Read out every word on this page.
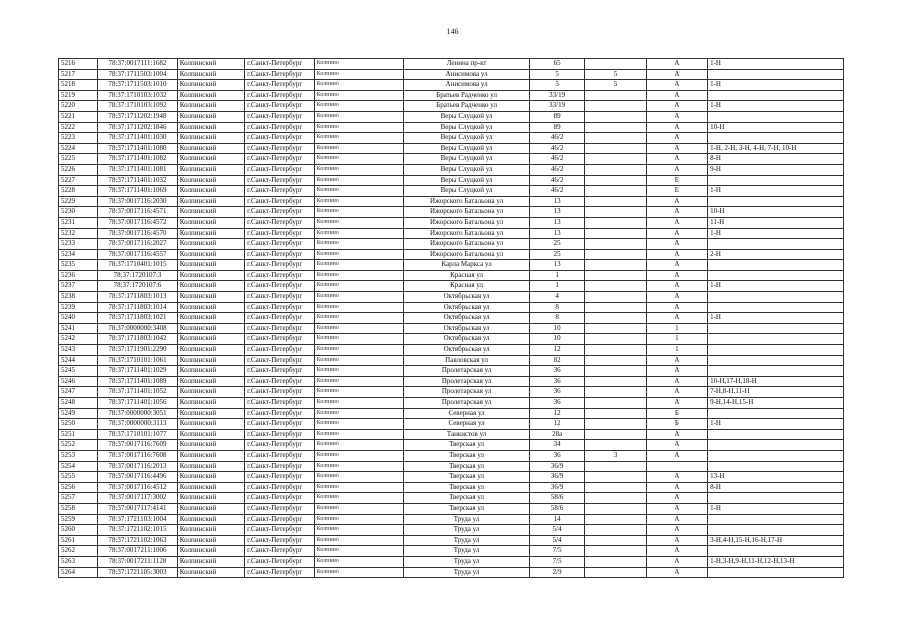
146
5216	78:37:0017111:1682	Колпинский	г.Санкт-Петербург	Колпино	Ленина пр-кт	65		А	1-Н
5217	78:37:1711503:1004	Колпинский	г.Санкт-Петербург	Колпино	Анисимова ул	5	5	А	
5218	78:37:1711503:1010	Колпинский	г.Санкт-Петербург	Колпино	Анисимова ул	5	5	А	1-Н
5219	78:37:1710103:1032	Колпинский	г.Санкт-Петербург	Колпино	Братьев Радченко ул	33/19		А	
5220	78:37:1710103:1092	Колпинский	г.Санкт-Петербург	Колпино	Братьев Радченко ул	33/19		А	1-Н
5221	78:37:1711202:1948	Колпинский	г.Санкт-Петербург	Колпино	Веры Слуцкой ул	89		А	
5222	78:37:1711202:1846	Колпинский	г.Санкт-Петербург	Колпино	Веры Слуцкой ул	89		А	10-Н
5223	78:37:1711401:1030	Колпинский	г.Санкт-Петербург	Колпино	Веры Слуцкой ул	46/2		А	
5224	78:37:1711401:1080	Колпинский	г.Санкт-Петербург	Колпино	Веры Слуцкой ул	46/2		А	1-Н, 2-Н, 3-Н, 4-Н, 7-Н, 10-Н
5225	78:37:1711401:1082	Колпинский	г.Санкт-Петербург	Колпино	Веры Слуцкой ул	46/2		А	8-Н
5226	78:37:1711401:1081	Колпинский	г.Санкт-Петербург	Колпино	Веры Слуцкой ул	46/2		А	9-Н
5227	78:37:1711401:1032	Колпинский	г.Санкт-Петербург	Колпино	Веры Слуцкой ул	46/2		Е	
5228	78:37:1711401:1069	Колпинский	г.Санкт-Петербург	Колпино	Веры Слуцкой ул	46/2		Е	1-Н
5229	78:37:0017116:2030	Колпинский	г.Санкт-Петербург	Колпино	Ижорского Батальона ул	13		А	
5230	78:37:0017116:4571	Колпинский	г.Санкт-Петербург	Колпино	Ижорского Батальона ул	13		А	10-Н
5231	78:37:0017116:4572	Колпинский	г.Санкт-Петербург	Колпино	Ижорского Батальона ул	13		А	11-Н
5232	78:37:0017116:4570	Колпинский	г.Санкт-Петербург	Колпино	Ижорского Батальона ул	13		А	1-Н
5233	78:37:0017116:2027	Колпинский	г.Санкт-Петербург	Колпино	Ижорского Батальона ул	25		А	
5234	78:37:0017116:4557	Колпинский	г.Санкт-Петербург	Колпино	Ижорского Батальона ул	25		А	2-Н
5235	78:37:1710401:1015	Колпинский	г.Санкт-Петербург	Колпино	Карла Маркса ул	13		А	
5236	78:37:1720107:3	Колпинский	г.Санкт-Петербург	Колпино	Красная ул	1		А	
5237	78:37:1720107:6	Колпинский	г.Санкт-Петербург	Колпино	Красная ул	1		А	1-Н
5238	78:37:1711803:1013	Колпинский	г.Санкт-Петербург	Колпино	Октябрьская ул	4		А	
5239	78:37:1711803:1014	Колпинский	г.Санкт-Петербург	Колпино	Октябрьская ул	8		А	
5240	78:37:1711803:1021	Колпинский	г.Санкт-Петербург	Колпино	Октябрьская ул	8		А	1-Н
5241	78:37:0000000:3408	Колпинский	г.Санкт-Петербург	Колпино	Октябрьская ул	10		1	
5242	78:37:1711803:1042	Колпинский	г.Санкт-Петербург	Колпино	Октябрьская ул	10		1	
5243	78:37:1711901:2290	Колпинский	г.Санкт-Петербург	Колпино	Октябрьская ул	12		1	
5244	78:37:1710101:1061	Колпинский	г.Санкт-Петербург	Колпино	Павловская ул	82		А	
5245	78:37:1711401:1029	Колпинский	г.Санкт-Петербург	Колпино	Пролетарская ул	36		А	
5246	78:37:1711401:1089	Колпинский	г.Санкт-Петербург	Колпино	Пролетарская ул	36		А	10-Н,17-Н,18-Н
5247	78:37:1711401:1052	Колпинский	г.Санкт-Петербург	Колпино	Пролетарская ул	36		А	7-Н,8-Н,11-Н
5248	78:37:1711401:1056	Колпинский	г.Санкт-Петербург	Колпино	Пролетарская ул	36		А	9-Н,14-Н,15-Н
5249	78:37:0000000:3051	Колпинский	г.Санкт-Петербург	Колпино	Северная ул	12		Б	
5250	78:37:0000000:3113	Колпинский	г.Санкт-Петербург	Колпино	Северная ул	12		Б	1-Н
5251	78:37:1710101:1077	Колпинский	г.Санкт-Петербург	Колпино	Танкистов ул	28а		А	
5252	78:37:0017116:7609	Колпинский	г.Санкт-Петербург	Колпино	Тверская ул	34		А	
5253	78:37:0017116:7608	Колпинский	г.Санкт-Петербург	Колпино	Тверская ул	36	3	А	
5254	78:37:0017116:2013	Колпинский	г.Санкт-Петербург	Колпино	Тверская ул	36/9			
5255	78:37:0017116:4496	Колпинский	г.Санкт-Петербург	Колпино	Тверская ул	36/9		А	13-Н
5256	78:37:0017116:4512	Колпинский	г.Санкт-Петербург	Колпино	Тверская ул	36/9		А	8-Н
5257	78:37:0017117:3002	Колпинский	г.Санкт-Петербург	Колпино	Тверская ул	58/6		А	
5258	78:37:0017117:4141	Колпинский	г.Санкт-Петербург	Колпино	Тверская ул	58/6		А	1-Н
5259	78:37:1721103:1004	Колпинский	г.Санкт-Петербург	Колпино	Труда ул	14		А	
5260	78:37:1721102:1015	Колпинский	г.Санкт-Петербург	Колпино	Труда ул	5/4		А	
5261	78:37:1721102:1063	Колпинский	г.Санкт-Петербург	Колпино	Труда ул	5/4		А	3-Н,4-Н,15-Н,16-Н,17-Н
5262	78:37:0017211:1006	Колпинский	г.Санкт-Петербург	Колпино	Труда ул	7/5		А	
5263	78:37:0017211:1128	Колпинский	г.Санкт-Петербург	Колпино	Труда ул	7/5		А	1-Н,3-Н,9-Н,11-Н,12-Н,13-Н
5264	78:37:1721105:3003	Колпинский	г.Санкт-Петербург	Колпино	Труда ул	2/9		А	
